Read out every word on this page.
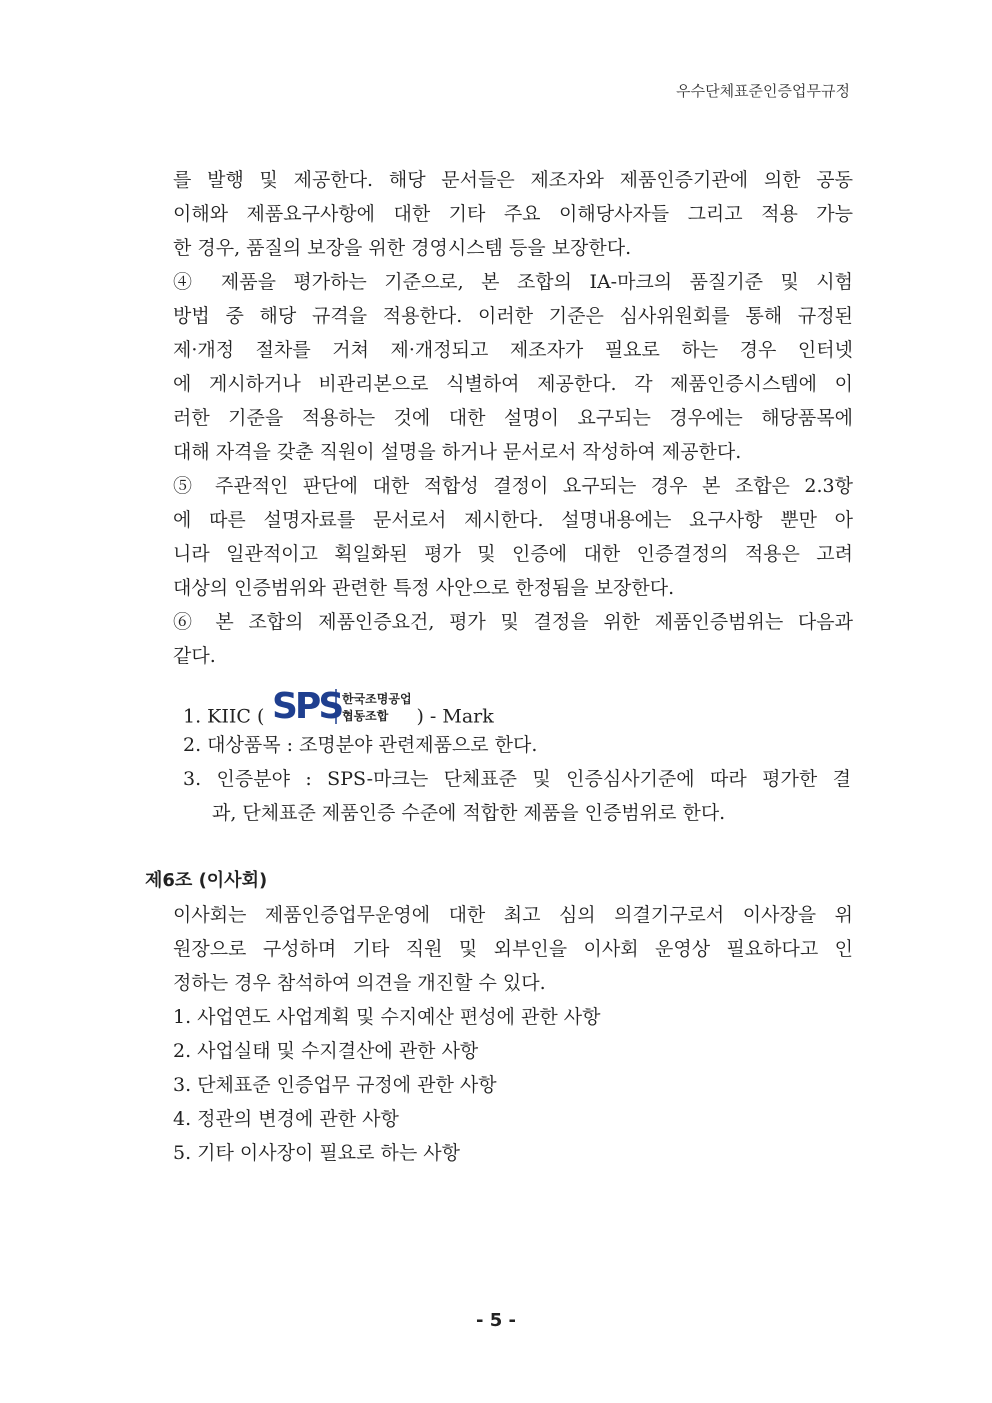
우수단체표준인증업무규정
를 발행 및 제공한다. 해당 문서들은 제조자와 제품인증기관에 의한 공동
이해와 제품요구사항에 대한 기타 주요 이해당사자들 그리고 적용 가능
한 경우, 품질의 보장을 위한 경영시스템 등을 보장한다.
④ 제품을 평가하는 기준으로, 본 조합의 IA-마크의 품질기준 및 시험
방법 중 해당 규격을 적용한다. 이러한 기준은 심사위원회를 통해 규정된
제·개정 절차를 거쳐 제·개정되고 제조자가 필요로 하는 경우 인터넷
에 게시하거나 비관리본으로 식별하여 제공한다. 각 제품인증시스템에 이
러한 기준을 적용하는 것에 대한 설명이 요구되는 경우에는 해당품목에
대해 자격을 갖춘 직원이 설명을 하거나 문서로서 작성하여 제공한다.
⑤ 주관적인 판단에 대한 적합성 결정이 요구되는 경우 본 조합은 2.3항
에 따른 설명자료를 문서로서 제시한다. 설명내용에는 요구사항 뿐만 아
니라 일관적이고 획일화된 평가 및 인증에 대한 인증결정의 적용은 고려
대상의 인증범위와 관련한 특정 사안으로 한정됨을 보장한다.
⑥ 본 조합의 제품인증요건, 평가 및 결정을 위한 제품인증범위는 다음과
같다.
1. KIIC ( SPS 한국조명공업
협동조합 ) - Mark
2. 대상품목 : 조명분야 관련제품으로 한다.
3. 인증분야 : SPS-마크는 단체표준 및 인증심사기준에 따라 평가한 결
과, 단체표준 제품인증 수준에 적합한 제품을 인증범위로 한다.
제6조 (이사회)
이사회는 제품인증업무운영에 대한 최고 심의 의결기구로서 이사장을 위
원장으로 구성하며 기타 직원 및 외부인을 이사회 운영상 필요하다고 인
정하는 경우 참석하여 의견을 개진할 수 있다.
1. 사업연도 사업계획 및 수지예산 편성에 관한 사항
2. 사업실태 및 수지결산에 관한 사항
3. 단체표준 인증업무 규정에 관한 사항
4. 정관의 변경에 관한 사항
5. 기타 이사장이 필요로 하는 사항
- 5 -
